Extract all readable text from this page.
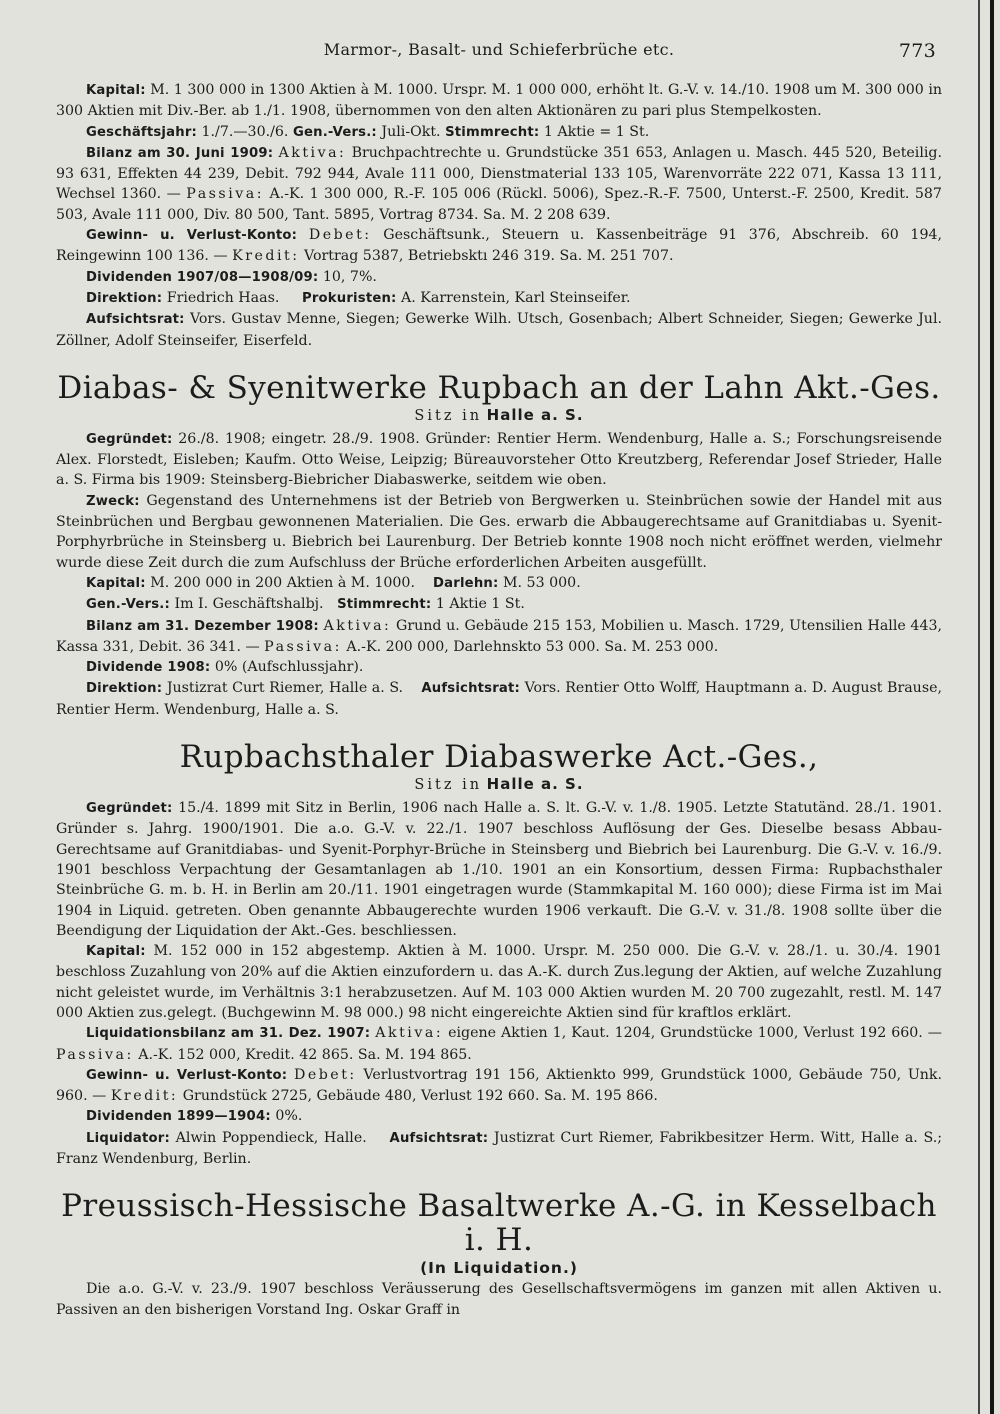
Marmor-, Basalt- und Schieferbrüche etc.	773

Kapital: M. 1 300 000 in 1300 Aktien à M. 1000. Urspr. M. 1 000 000, erhöht lt. G.-V. v. 14./10. 1908 um M. 300 000 in 300 Aktien mit Div.-Ber. ab 1./1. 1908, übernommen von den alten Aktionären zu pari plus Stempelkosten.

Geschäftsjahr: 1./7.—30./6. Gen.-Vers.: Juli-Okt. Stimmrecht: 1 Aktie = 1 St.

Bilanz am 30. Juni 1909: Aktiva: Bruchpachtrechte u. Grundstücke 351 653, Anlagen u. Masch. 445 520, Beteilig. 93 631, Effekten 44 239, Debit. 792 944, Avale 111 000, Dienstmaterial 133 105, Warenvorräte 222 071, Kassa 13 111, Wechsel 1360. — Passiva: A.-K. 1 300 000, R.-F. 105 006 (Rückl. 5006), Spez.-R.-F. 7500, Unterst.-F. 2500, Kredit. 587 503, Avale 111 000, Div. 80 500, Tant. 5895, Vortrag 8734. Sa. M. 2 208 639.

Gewinn- u. Verlust-Konto: Debet: Geschäftsunk., Steuern u. Kassenbeiträge 91 376, Abschreib. 60 194, Reingewinn 100 136. — Kredit: Vortrag 5387, Betriebsktı 246 319. Sa. M. 251 707.

Dividenden 1907/08—1908/09: 10, 7%.

Direktion: Friedrich Haas. Prokuristen: A. Karrenstein, Karl Steinseifer.

Aufsichtsrat: Vors. Gustav Menne, Siegen; Gewerke Wilh. Utsch, Gosenbach; Albert Schneider, Siegen; Gewerke Jul. Zöllner, Adolf Steinseifer, Eiserfeld.

Diabas- & Syenitwerke Rupbach an der Lahn Akt.-Ges.
Sitz in Halle a. S.

Gegründet: 26./8. 1908; eingetr. 28./9. 1908. Gründer: Rentier Herm. Wendenburg, Halle a. S.; Forschungsreisende Alex. Florstedt, Eisleben; Kaufm. Otto Weise, Leipzig; Büreauvorsteher Otto Kreutzberg, Referendar Josef Strieder, Halle a. S. Firma bis 1909: Steinsberg-Biebricher Diabaswerke, seitdem wie oben.

Zweck: Gegenstand des Unternehmens ist der Betrieb von Bergwerken u. Steinbrüchen sowie der Handel mit aus Steinbrüchen und Bergbau gewonnenen Materialien. Die Ges. erwarb die Abbaugerechtsame auf Granitdiabas u. Syenit-Porphyrbrüche in Steinsberg u. Biebrich bei Laurenburg. Der Betrieb konnte 1908 noch nicht eröffnet werden, vielmehr wurde diese Zeit durch die zum Aufschluss der Brüche erforderlichen Arbeiten ausgefüllt.

Kapital: M. 200 000 in 200 Aktien à M. 1000. Darlehn: M. 53 000.

Gen.-Vers.: Im I. Geschäftshalbj. Stimmrecht: 1 Aktie 1 St.

Bilanz am 31. Dezember 1908: Aktiva: Grund u. Gebäude 215 153, Mobilien u. Masch. 1729, Utensilien Halle 443, Kassa 331, Debit. 36 341. — Passiva: A.-K. 200 000, Darlehnskto 53 000. Sa. M. 253 000.

Dividende 1908: 0% (Aufschlussjahr).

Direktion: Justizrat Curt Riemer, Halle a. S. Aufsichtsrat: Vors. Rentier Otto Wolff, Hauptmann a. D. August Brause, Rentier Herm. Wendenburg, Halle a. S.

Rupbachsthaler Diabaswerke Act.-Ges.,
Sitz in Halle a. S.

Gegründet: 15./4. 1899 mit Sitz in Berlin, 1906 nach Halle a. S. lt. G.-V. v. 1./8. 1905. Letzte Statutänd. 28./1. 1901. Gründer s. Jahrg. 1900/1901. Die a.o. G.-V. v. 22./1. 1907 beschloss Auflösung der Ges. Dieselbe besass Abbau-Gerechtsame auf Granitdiabas- und Syenit-Porphyr-Brüche in Steinsberg und Biebrich bei Laurenburg. Die G.-V. v. 16./9. 1901 beschloss Verpachtung der Gesamtanlagen ab 1./10. 1901 an ein Konsortium, dessen Firma: Rupbachsthaler Steinbrüche G. m. b. H. in Berlin am 20./11. 1901 eingetragen wurde (Stammkapital M. 160 000); diese Firma ist im Mai 1904 in Liquid. getreten. Oben genannte Abbaugerechte wurden 1906 verkauft. Die G.-V. v. 31./8. 1908 sollte über die Beendigung der Liquidation der Akt.-Ges. beschliessen.

Kapital: M. 152 000 in 152 abgestemp. Aktien à M. 1000. Urspr. M. 250 000. Die G.-V. v. 28./1. u. 30./4. 1901 beschloss Zuzahlung von 20% auf die Aktien einzufordern u. das A.-K. durch Zus.legung der Aktien, auf welche Zuzahlung nicht geleistet wurde, im Verhältnis 3:1 herabzusetzen. Auf M. 103 000 Aktien wurden M. 20 700 zugezahlt, restl. M. 147 000 Aktien zus.gelegt. (Buchgewinn M. 98 000.) 98 nicht eingereichte Aktien sind für kraftlos erklärt.

Liquidationsbilanz am 31. Dez. 1907: Aktiva: eigene Aktien 1, Kaut. 1204, Grundstücke 1000, Verlust 192 660. — Passiva: A.-K. 152 000, Kredit. 42 865. Sa. M. 194 865.

Gewinn- u. Verlust-Konto: Debet: Verlustvortrag 191 156, Aktienkto 999, Grundstück 1000, Gebäude 750, Unk. 960. — Kredit: Grundstück 2725, Gebäude 480, Verlust 192 660. Sa. M. 195 866.

Dividenden 1899—1904: 0%.

Liquidator: Alwin Poppendieck, Halle. Aufsichtsrat: Justizrat Curt Riemer, Fabrikbesitzer Herm. Witt, Halle a. S.; Franz Wendenburg, Berlin.

Preussisch-Hessische Basaltwerke A.-G. in Kesselbach i. H.
(In Liquidation.)

Die a.o. G.-V. v. 23./9. 1907 beschloss Veräusserung des Gesellschaftsvermögens im ganzen mit allen Aktiven u. Passiven an den bisherigen Vorstand Ing. Oskar Graff in
